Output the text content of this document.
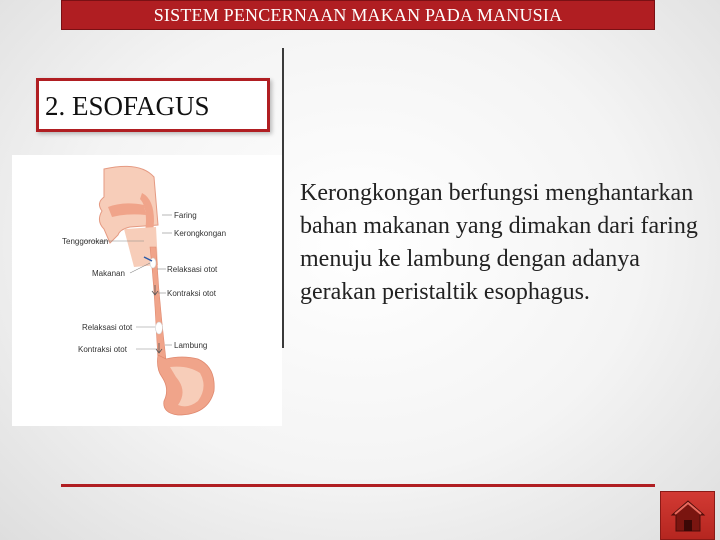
SISTEM PENCERNAAN MAKAN PADA MANUSIA
2. ESOFAGUS
Faring
Kerongkongan
Tenggorokan
Makanan	Relaksasi otot
Kontraksi otot
Relaksasi otot
Kontraksi otot	Lambung

Kerongkongan berfungsi menghantarkan bahan makanan yang dimakan dari faring menuju ke lambung dengan adanya gerakan peristaltik esophagus.
